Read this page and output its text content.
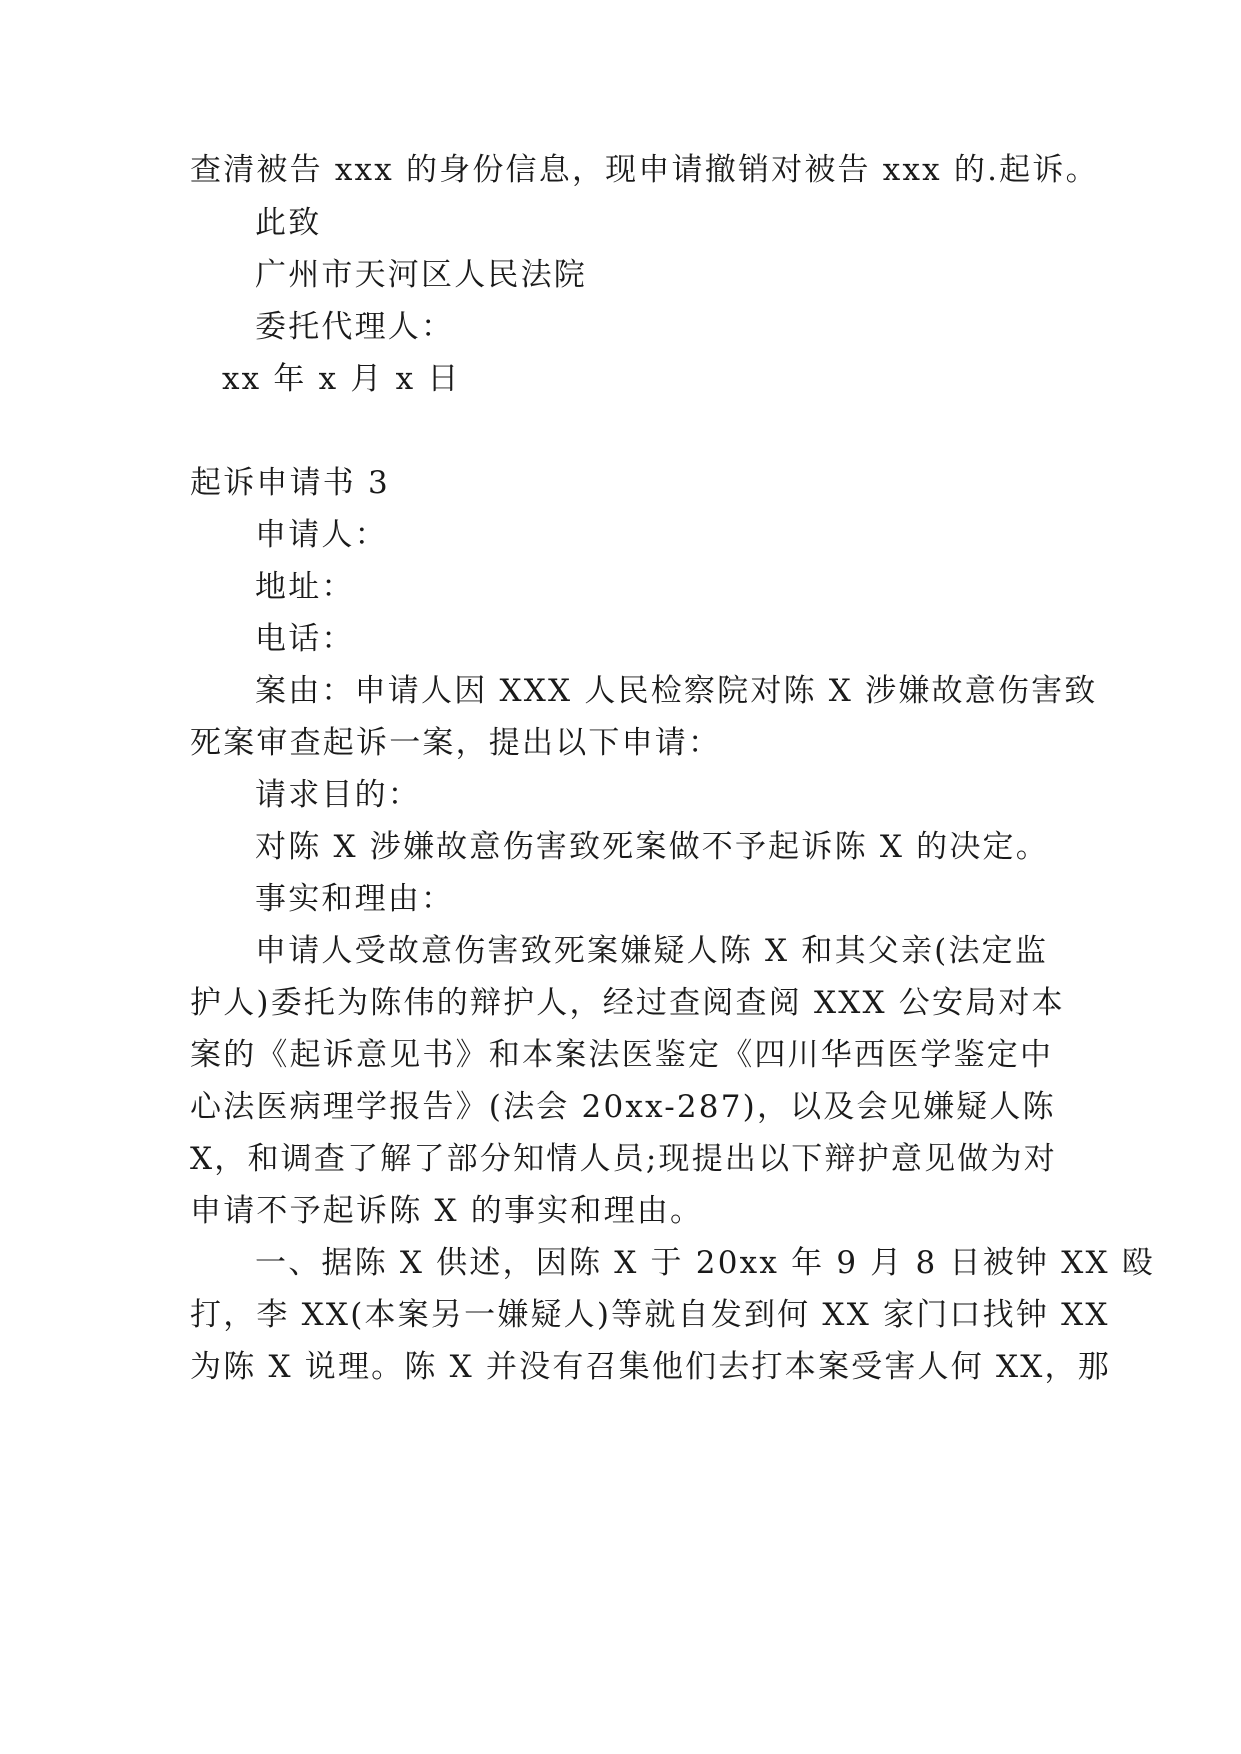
查清被告 xxx 的身份信息，现申请撤销对被告 xxx 的.起诉。
此致
广州市天河区人民法院
委托代理人：
xx 年 x 月 x 日
起诉申请书 3
申请人：
地址：
电话：
案由：申请人因 XXX 人民检察院对陈 X 涉嫌故意伤害致
死案审查起诉一案，提出以下申请：
请求目的：
对陈 X 涉嫌故意伤害致死案做不予起诉陈 X 的决定。
事实和理由：
申请人受故意伤害致死案嫌疑人陈 X 和其父亲(法定监
护人)委托为陈伟的辩护人，经过查阅查阅 XXX 公安局对本
案的《起诉意见书》和本案法医鉴定《四川华西医学鉴定中
心法医病理学报告》(法会 20xx-287)，以及会见嫌疑人陈
X，和调查了解了部分知情人员;现提出以下辩护意见做为对
申请不予起诉陈 X 的事实和理由。
一、据陈 X 供述，因陈 X 于 20xx 年 9 月 8 日被钟 XX 殴
打，李 XX(本案另一嫌疑人)等就自发到何 XX 家门口找钟 XX
为陈 X 说理。陈 X 并没有召集他们去打本案受害人何 XX，那
